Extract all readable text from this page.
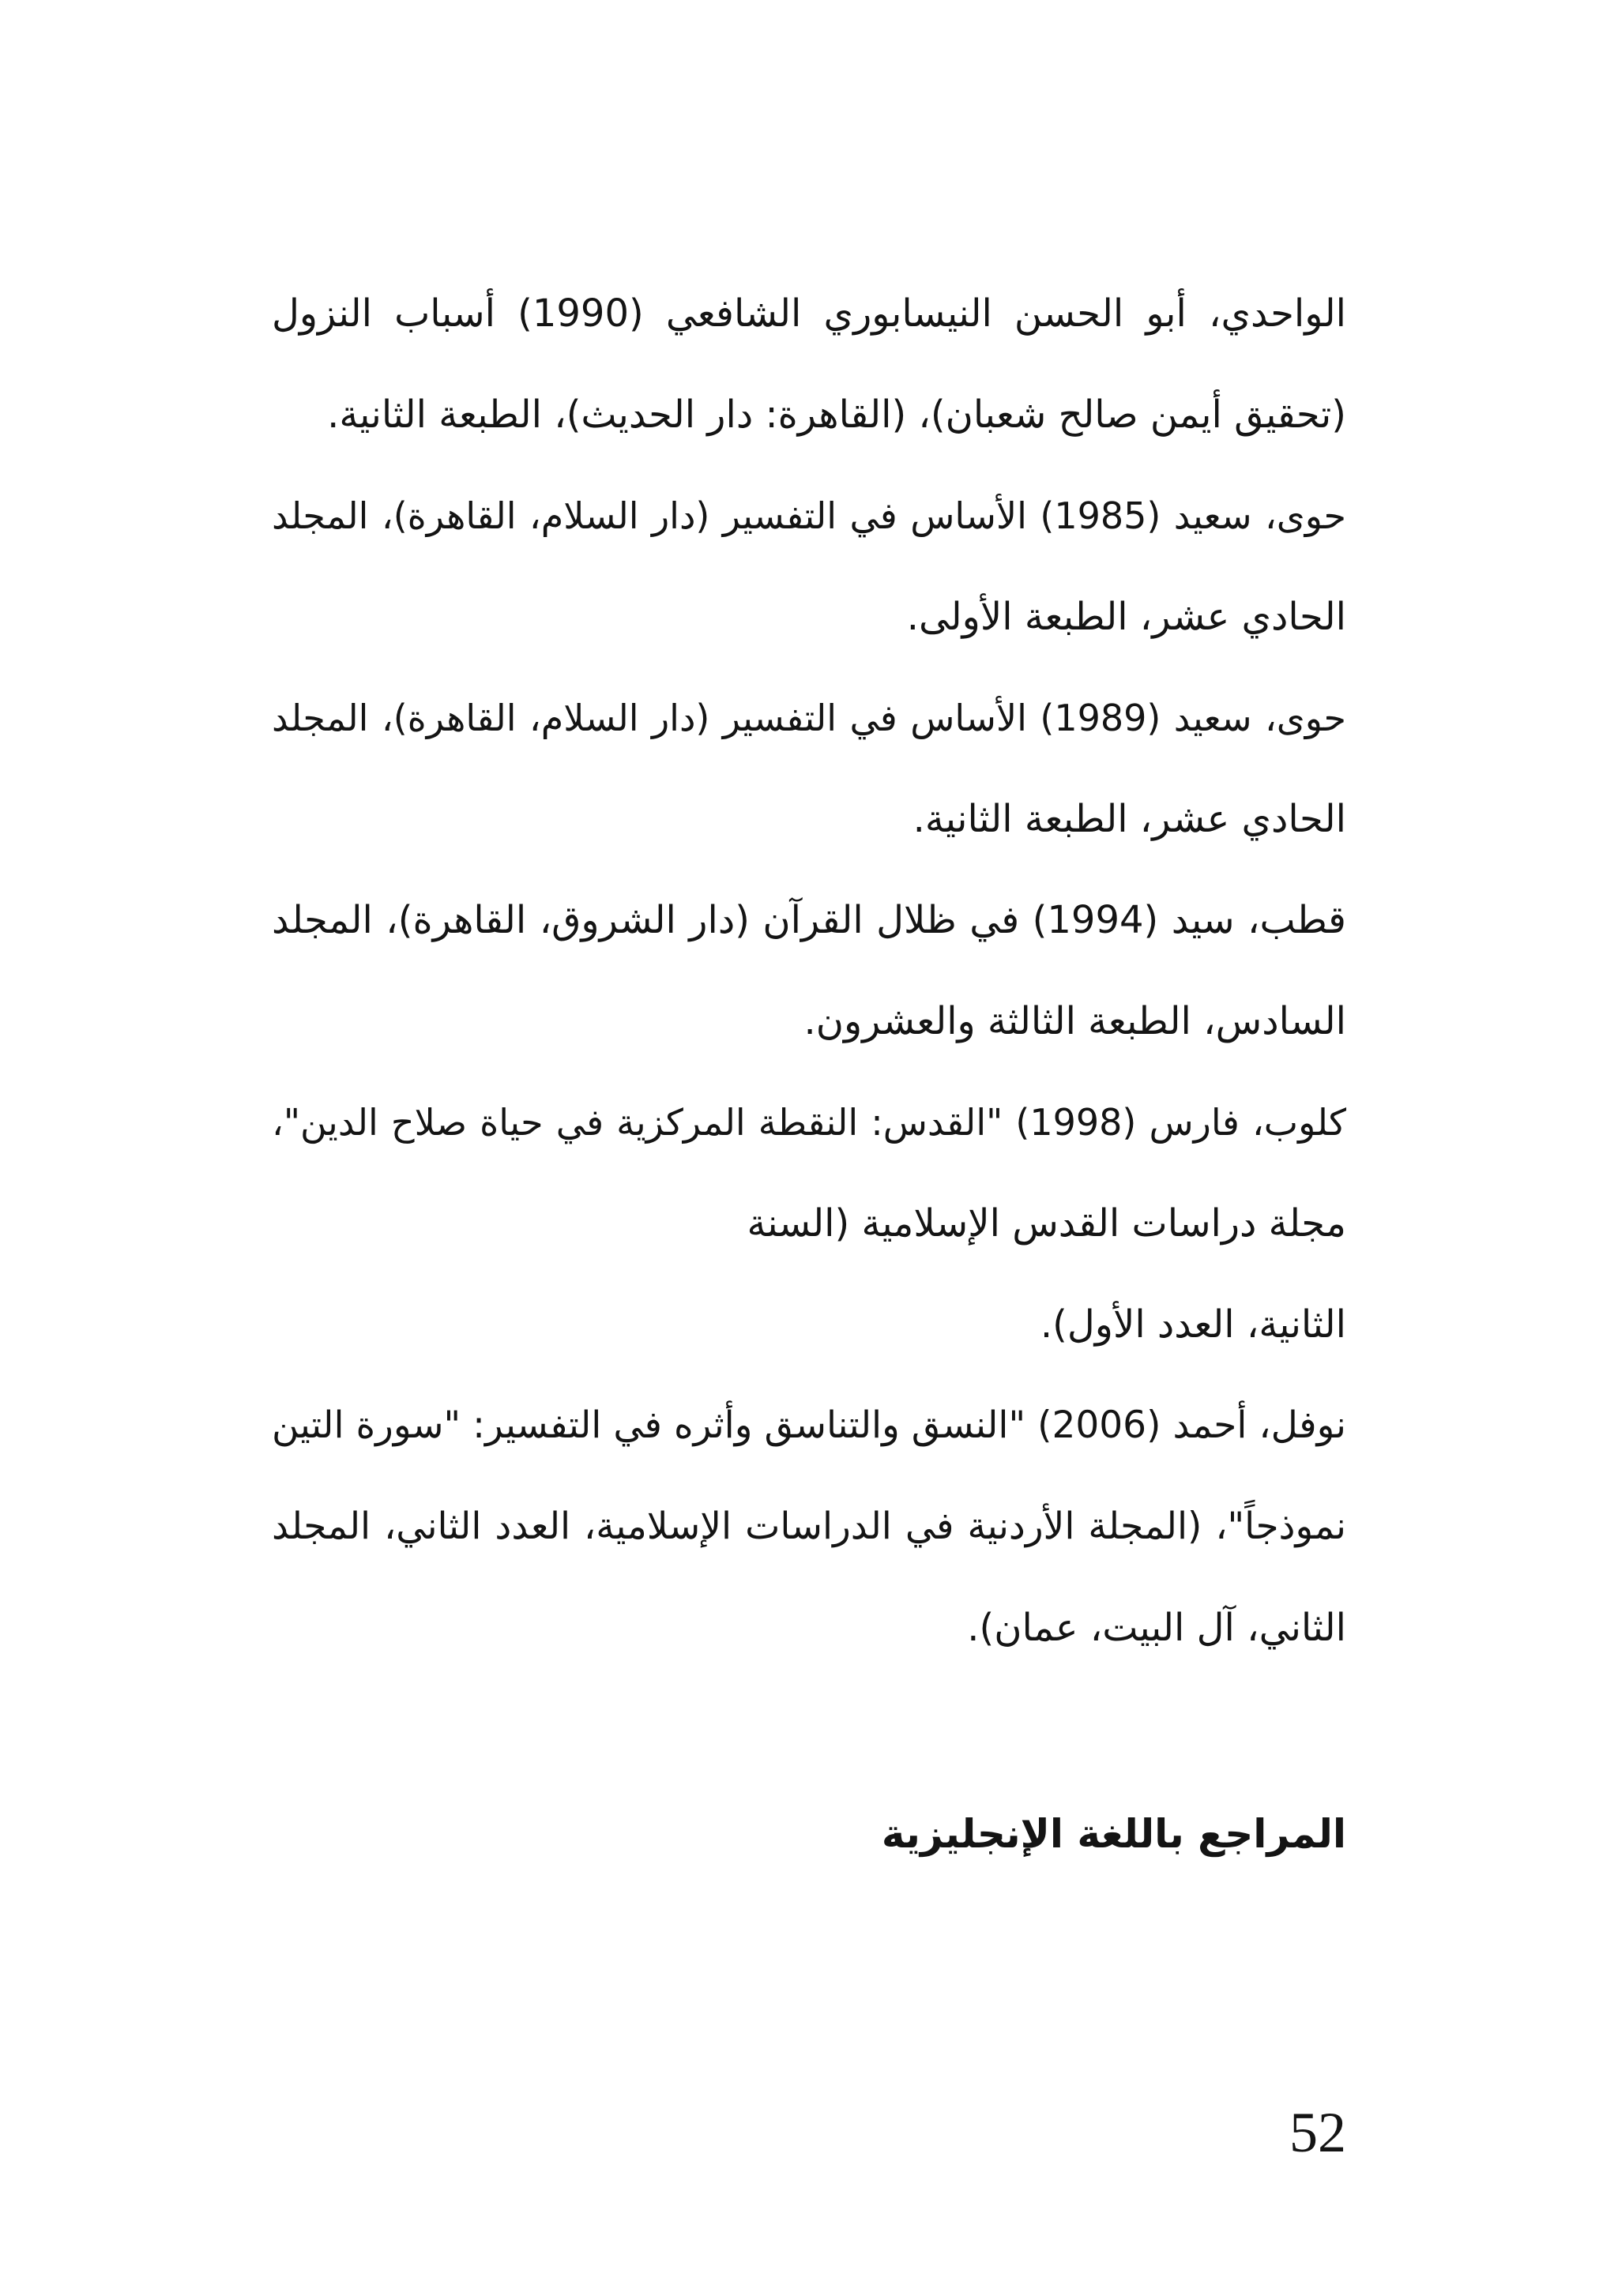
الواحدي، أبو الحسن النيسابوري الشافعي (1990) أسباب النزول
(تحقيق أيمن صالح شعبان)، (القاهرة: دار الحديث)، الطبعة الثانية.
حوى، سعيد (1985) الأساس في التفسير (دار السلام، القاهرة)، المجلد
الحادي عشر، الطبعة الأولى.
حوى، سعيد (1989) الأساس في التفسير (دار السلام، القاهرة)، المجلد
الحادي عشر، الطبعة الثانية.
قطب، سيد (1994) في ظلال القرآن (دار الشروق، القاهرة)، المجلد
السادس، الطبعة الثالثة والعشرون.
كلوب، فارس (1998) "القدس: النقطة المركزية في حياة صلاح الدين"،
مجلة دراسات القدس الإسلامية (السنة
الثانية، العدد الأول).
نوفل، أحمد (2006) "النسق والتناسق وأثره في التفسير: "سورة التين
نموذجاً"، (المجلة الأردنية في الدراسات الإسلامية، العدد الثاني، المجلد
الثاني، آل البيت، عمان).
المراجع باللغة الإنجليزية
52
